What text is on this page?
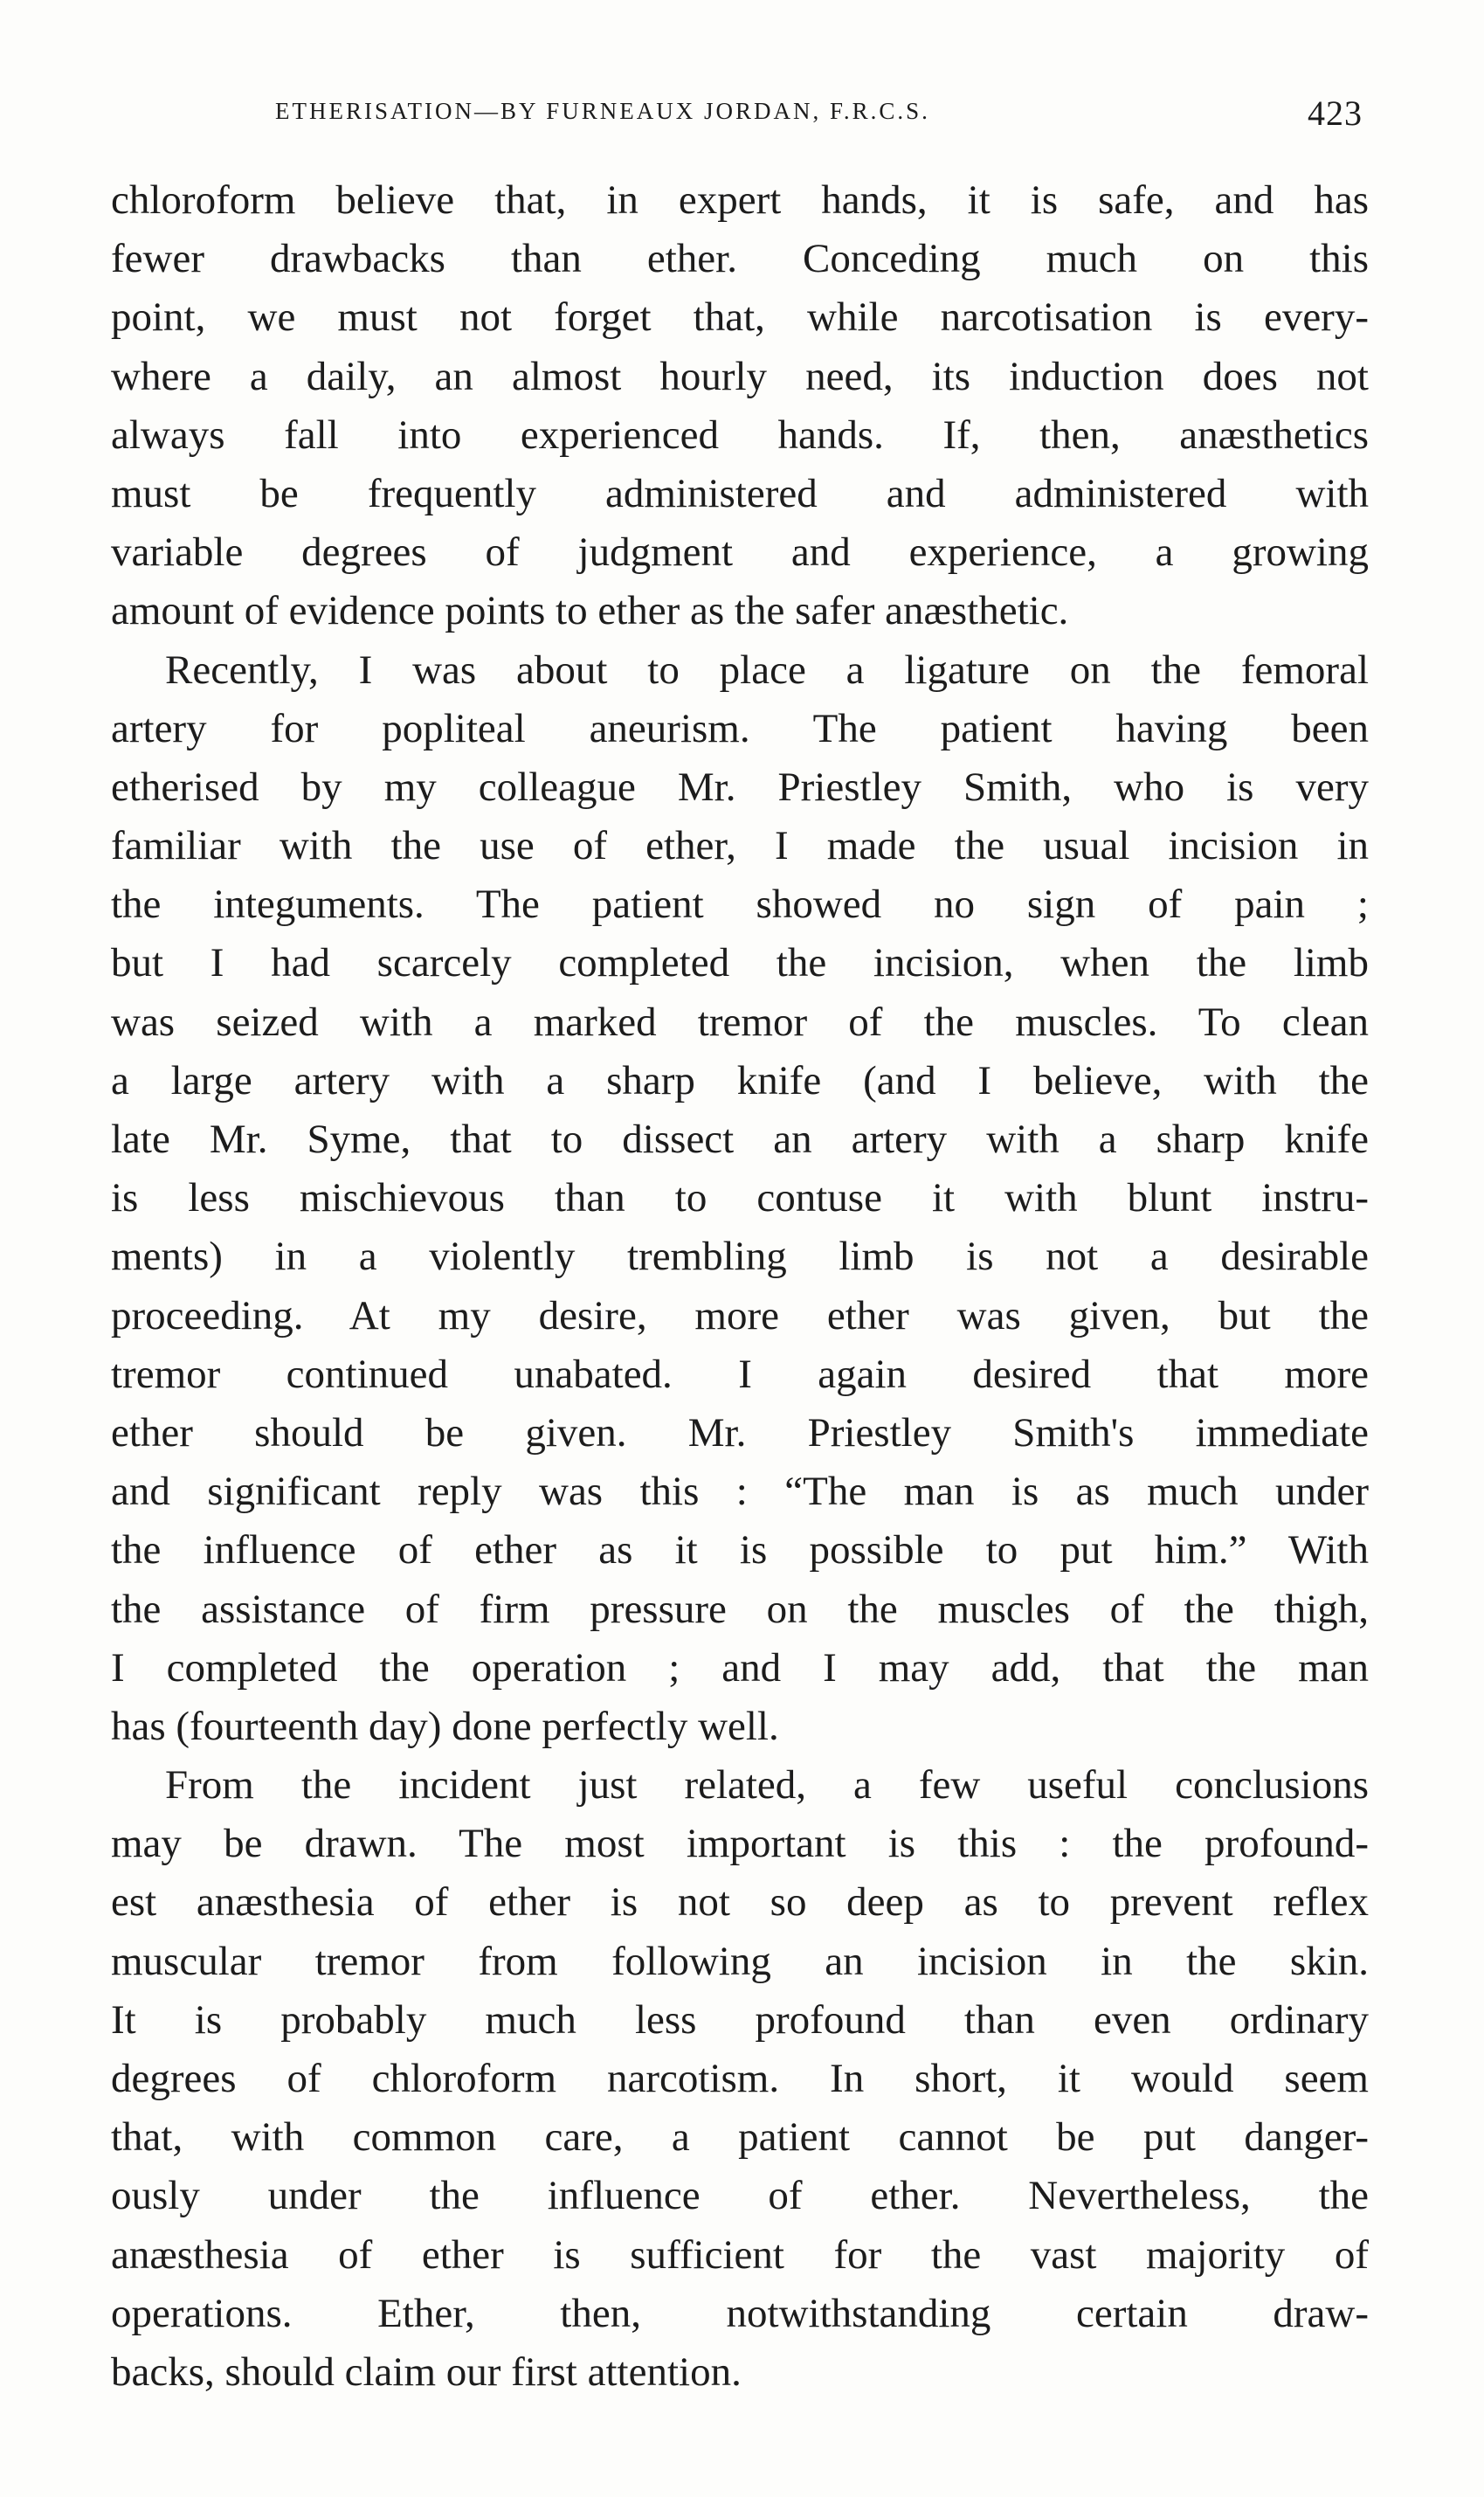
ETHERISATION—BY FURNEAUX JORDAN, F.R.C.S.	423
chloroform believe that, in expert hands, it is safe, and has
fewer drawbacks than ether. Conceding much on this
point, we must not forget that, while narcotisation is every-
where a daily, an almost hourly need, its induction does not
always fall into experienced hands. If, then, anæsthetics
must be frequently administered and administered with
variable degrees of judgment and experience, a growing
amount of evidence points to ether as the safer anæsthetic.
Recently, I was about to place a ligature on the femoral
artery for popliteal aneurism. The patient having been
etherised by my colleague Mr. Priestley Smith, who is very
familiar with the use of ether, I made the usual incision in
the integuments. The patient showed no sign of pain ;
but I had scarcely completed the incision, when the limb
was seized with a marked tremor of the muscles. To clean
a large artery with a sharp knife (and I believe, with the
late Mr. Syme, that to dissect an artery with a sharp knife
is less mischievous than to contuse it with blunt instru-
ments) in a violently trembling limb is not a desirable
proceeding. At my desire, more ether was given, but the
tremor continued unabated. I again desired that more
ether should be given. Mr. Priestley Smith's immediate
and significant reply was this : “The man is as much under
the influence of ether as it is possible to put him.” With
the assistance of firm pressure on the muscles of the thigh,
I completed the operation ; and I may add, that the man
has (fourteenth day) done perfectly well.
From the incident just related, a few useful conclusions
may be drawn. The most important is this : the profound-
est anæsthesia of ether is not so deep as to prevent reflex
muscular tremor from following an incision in the skin.
It is probably much less profound than even ordinary
degrees of chloroform narcotism. In short, it would seem
that, with common care, a patient cannot be put danger-
ously under the influence of ether. Nevertheless, the
anæsthesia of ether is sufficient for the vast majority of
operations. Ether, then, notwithstanding certain draw-
backs, should claim our first attention.
